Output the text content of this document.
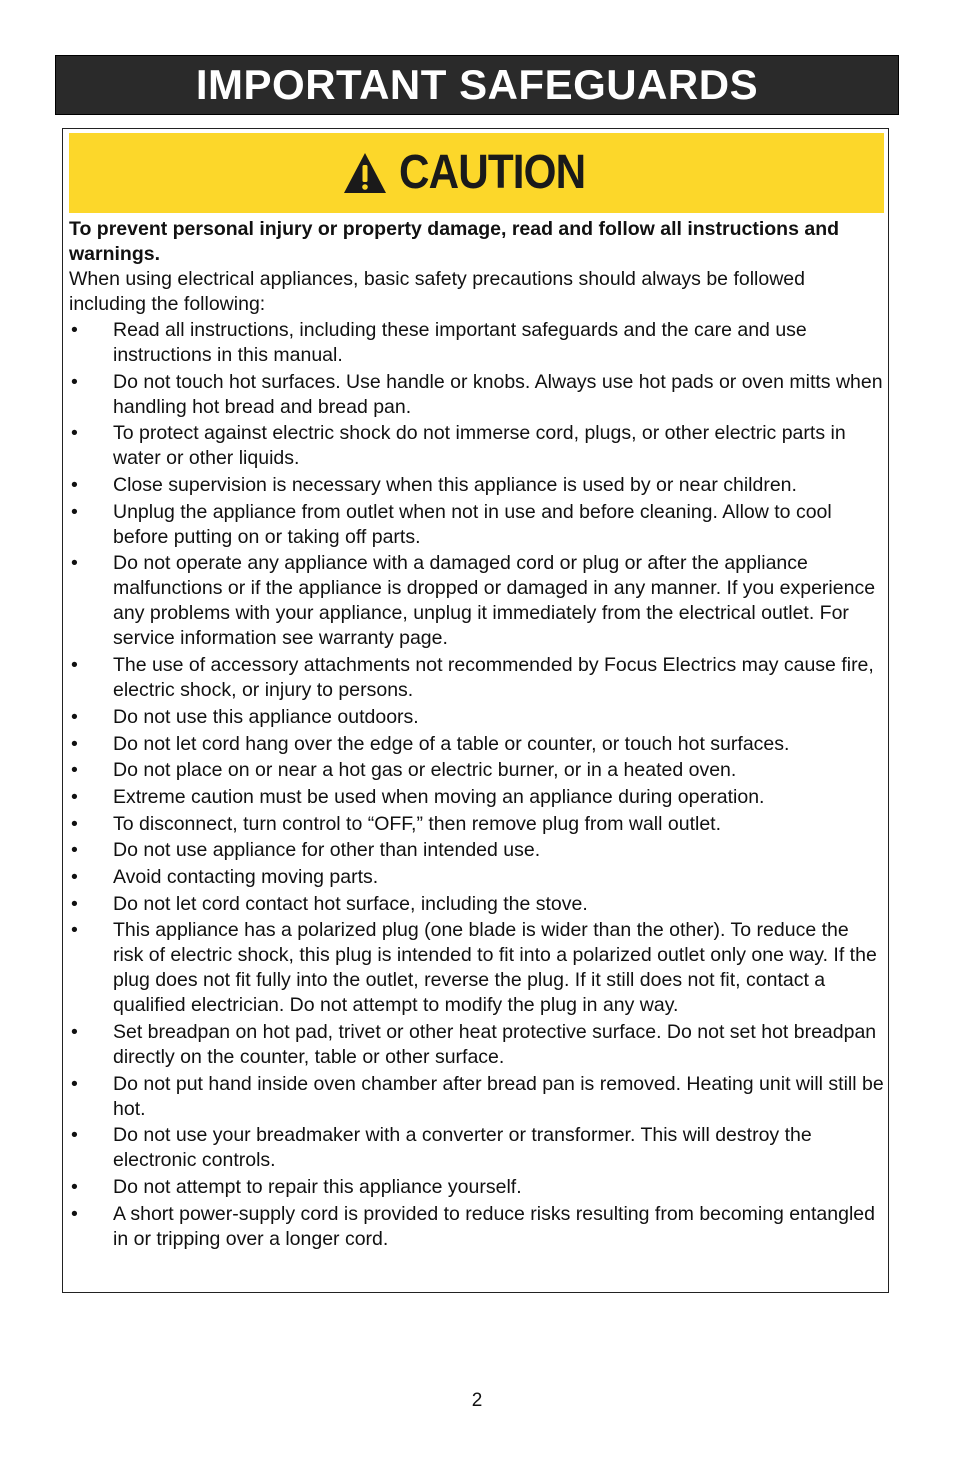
IMPORTANT SAFEGUARDS
CAUTION

To prevent personal injury or property damage, read and follow all instructions and warnings.

When using electrical appliances, basic safety precautions should always be followed including the following:

• Read all instructions, including these important safeguards and the care and use instructions in this manual.
• Do not touch hot surfaces. Use handle or knobs. Always use hot pads or oven mitts when handling hot bread and bread pan.
• To protect against electric shock do not immerse cord, plugs, or other electric parts in water or other liquids.
• Close supervision is necessary when this appliance is used by or near children.
• Unplug the appliance from outlet when not in use and before cleaning. Allow to cool before putting on or taking off parts.
• Do not operate any appliance with a damaged cord or plug or after the appliance malfunctions or if the appliance is dropped or damaged in any manner. If you experience any problems with your appliance, unplug it immediately from the electrical outlet. For service information see warranty page.
• The use of accessory attachments not recommended by Focus Electrics may cause fire, electric shock, or injury to persons.
• Do not use this appliance outdoors.
• Do not let cord hang over the edge of a table or counter, or touch hot surfaces.
• Do not place on or near a hot gas or electric burner, or in a heated oven.
• Extreme caution must be used when moving an appliance during operation.
• To disconnect, turn control to “OFF,” then remove plug from wall outlet.
• Do not use appliance for other than intended use.
• Avoid contacting moving parts.
• Do not let cord contact hot surface, including the stove.
• This appliance has a polarized plug (one blade is wider than the other). To reduce the risk of electric shock, this plug is intended to fit into a polarized outlet only one way. If the plug does not fit fully into the outlet, reverse the plug. If it still does not fit, contact a qualified electrician. Do not attempt to modify the plug in any way.
• Set breadpan on hot pad, trivet or other heat protective surface. Do not set hot breadpan directly on the counter, table or other surface.
• Do not put hand inside oven chamber after bread pan is removed. Heating unit will still be hot.
• Do not use your breadmaker with a converter or transformer. This will destroy the electronic controls.
• Do not attempt to repair this appliance yourself.
• A short power-supply cord is provided to reduce risks resulting from becoming entangled in or tripping over a longer cord.
2
